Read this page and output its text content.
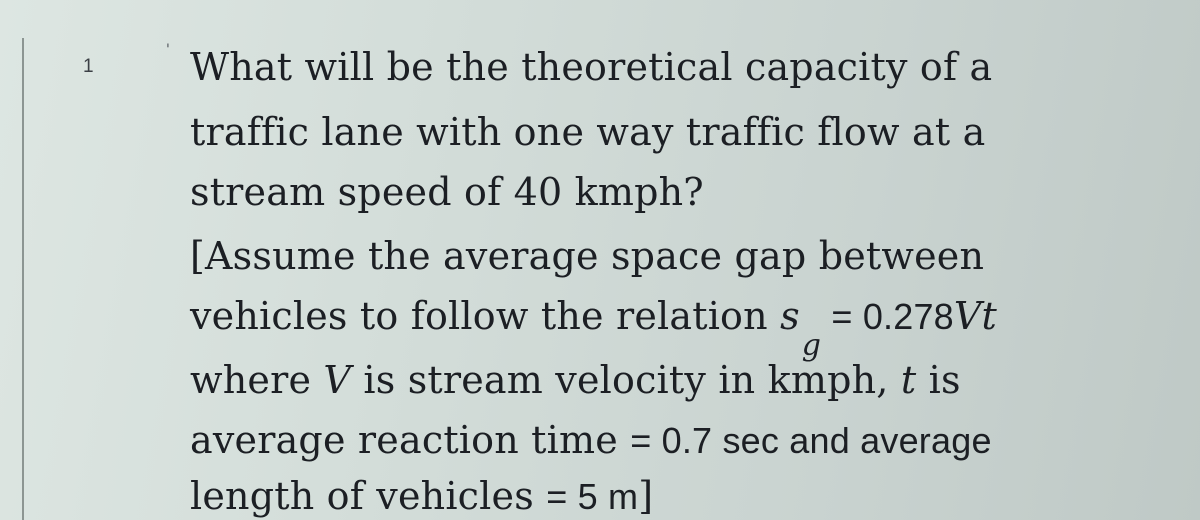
1
' What will be the theoretical capacity of a
traffic lane with one way traffic flow at a
stream speed of 40 kmph?
[Assume the average space gap between
vehicles to follow the relation $s_g = 0.278Vt$
where V is stream velocity in kmph, t is
average reaction time = 0.7 sec and average
length of vehicles = 5 m]
